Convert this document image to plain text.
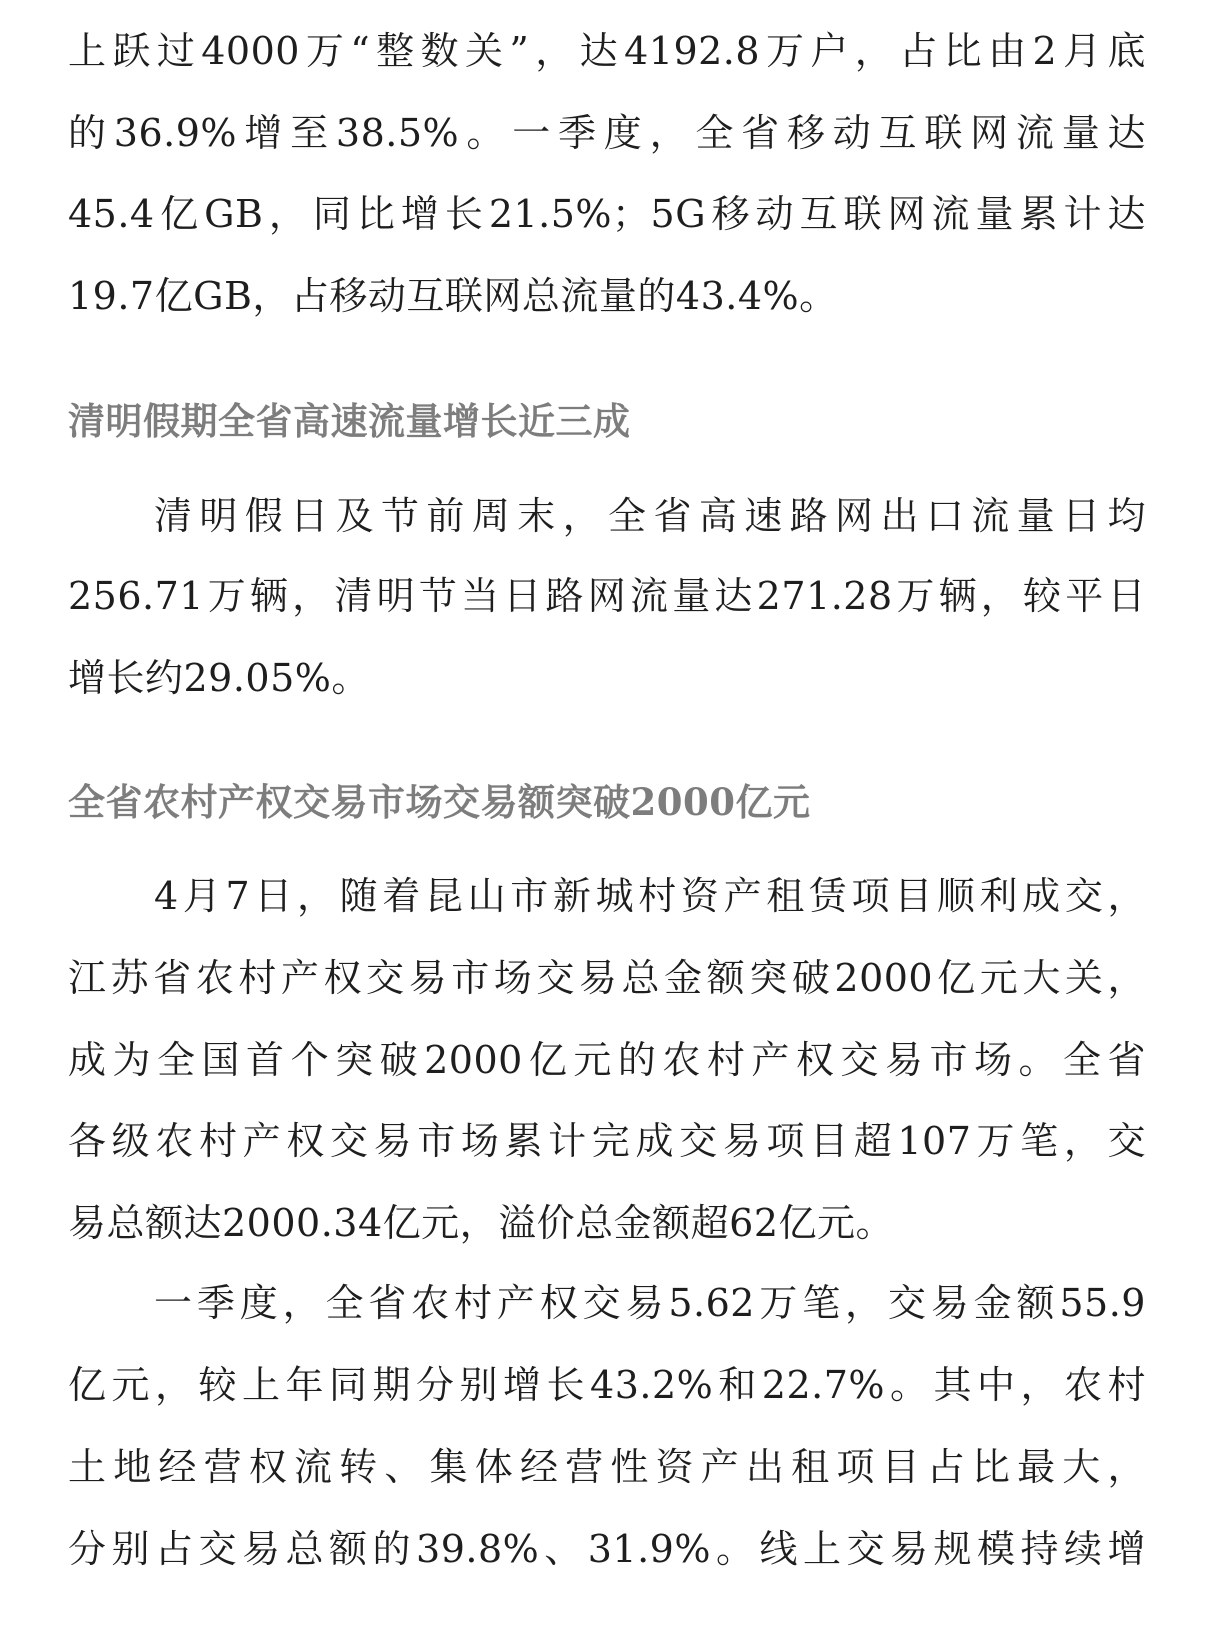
上跃过4000万“整数关”，达4192.8万户，占比由2月底
的36.9%增至38.5%。一季度，全省移动互联网流量达
45.4亿GB，同比增长21.5%；5G移动互联网流量累计达
19.7亿GB，占移动互联网总流量的43.4%。
清明假期全省高速流量增长近三成
清明假日及节前周末，全省高速路网出口流量日均
256.71万辆，清明节当日路网流量达271.28万辆，较平日
增长约29.05%。
全省农村产权交易市场交易额突破2000亿元
4月7日，随着昆山市新城村资产租赁项目顺利成交，
江苏省农村产权交易市场交易总金额突破2000亿元大关，
成为全国首个突破2000亿元的农村产权交易市场。全省
各级农村产权交易市场累计完成交易项目超107万笔，交
易总额达2000.34亿元，溢价总金额超62亿元。
一季度，全省农村产权交易5.62万笔，交易金额55.9
亿元，较上年同期分别增长43.2%和22.7%。其中，农村
土地经营权流转、集体经营性资产出租项目占比最大，
分别占交易总额的39.8%、31.9%。线上交易规模持续增
